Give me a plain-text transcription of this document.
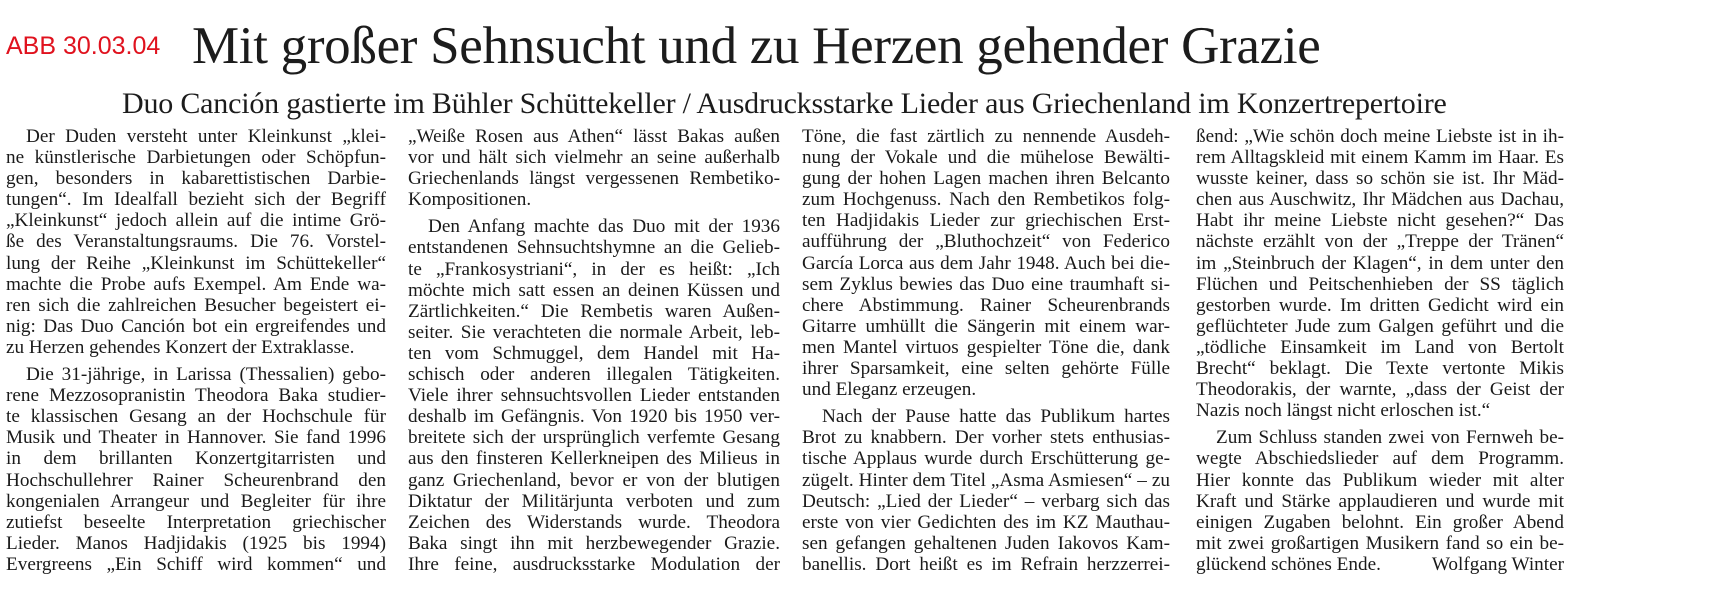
ABB 30.03.04 Mit großer Sehnsucht und zu Herzen gehender Grazie
Duo Canción gastierte im Bühler Schüttekeller / Ausdrucksstarke Lieder aus Griechenland im Konzertrepertoire
Der Duden versteht unter Kleinkunst „klei-
ne künstlerische Darbietungen oder Schöpfun-
gen, besonders in kabarettistischen Darbie-
tungen“. Im Idealfall bezieht sich der Begriff
„Kleinkunst“ jedoch allein auf die intime Grö-
ße des Veranstaltungsraums. Die 76. Vorstel-
lung der Reihe „Kleinkunst im Schüttekeller“
machte die Probe aufs Exempel. Am Ende wa-
ren sich die zahlreichen Besucher begeistert ei-
nig: Das Duo Canción bot ein ergreifendes und
zu Herzen gehendes Konzert der Extraklasse.
Die 31-jährige, in Larissa (Thessalien) gebo-
rene Mezzosopranistin Theodora Baka studier-
te klassischen Gesang an der Hochschule für
Musik und Theater in Hannover. Sie fand 1996
in dem brillanten Konzertgitarristen und
Hochschullehrer Rainer Scheurenbrand den
kongenialen Arrangeur und Begleiter für ihre
zutiefst beseelte Interpretation griechischer
Lieder. Manos Hadjidakis (1925 bis 1994)
Evergreens „Ein Schiff wird kommen“ und
„Weiße Rosen aus Athen“ lässt Bakas außen
vor und hält sich vielmehr an seine außerhalb
Griechenlands längst vergessenen Rembetiko-
Kompositionen.
Den Anfang machte das Duo mit der 1936
entstandenen Sehnsuchtshymne an die Gelieb-
te „Frankosystriani“, in der es heißt: „Ich
möchte mich satt essen an deinen Küssen und
Zärtlichkeiten.“ Die Rembetis waren Außen-
seiter. Sie verachteten die normale Arbeit, leb-
ten vom Schmuggel, dem Handel mit Ha-
schisch oder anderen illegalen Tätigkeiten.
Viele ihrer sehnsuchtsvollen Lieder entstanden
deshalb im Gefängnis. Von 1920 bis 1950 ver-
breitete sich der ursprünglich verfemte Gesang
aus den finsteren Kellerkneipen des Milieus in
ganz Griechenland, bevor er von der blutigen
Diktatur der Militärjunta verboten und zum
Zeichen des Widerstands wurde. Theodora
Baka singt ihn mit herzbewegender Grazie.
Ihre feine, ausdrucksstarke Modulation der
Töne, die fast zärtlich zu nennende Ausdeh-
nung der Vokale und die mühelose Bewälti-
gung der hohen Lagen machen ihren Belcanto
zum Hochgenuss. Nach den Rembetikos folg-
ten Hadjidakis Lieder zur griechischen Erst-
aufführung der „Bluthochzeit“ von Federico
García Lorca aus dem Jahr 1948. Auch bei die-
sem Zyklus bewies das Duo eine traumhaft si-
chere Abstimmung. Rainer Scheurenbrands
Gitarre umhüllt die Sängerin mit einem war-
men Mantel virtuos gespielter Töne die, dank
ihrer Sparsamkeit, eine selten gehörte Fülle
und Eleganz erzeugen.
Nach der Pause hatte das Publikum hartes
Brot zu knabbern. Der vorher stets enthusias-
tische Applaus wurde durch Erschütterung ge-
zügelt. Hinter dem Titel „Asma Asmiesen“ – zu
Deutsch: „Lied der Lieder“ – verbarg sich das
erste von vier Gedichten des im KZ Mauthau-
sen gefangen gehaltenen Juden Iakovos Kam-
banellis. Dort heißt es im Refrain herzzerrei-
ßend: „Wie schön doch meine Liebste ist in ih-
rem Alltagskleid mit einem Kamm im Haar. Es
wusste keiner, dass so schön sie ist. Ihr Mäd-
chen aus Auschwitz, Ihr Mädchen aus Dachau,
Habt ihr meine Liebste nicht gesehen?“ Das
nächste erzählt von der „Treppe der Tränen“
im „Steinbruch der Klagen“, in dem unter den
Flüchen und Peitschenhieben der SS täglich
gestorben wurde. Im dritten Gedicht wird ein
geflüchteter Jude zum Galgen geführt und die
„tödliche Einsamkeit im Land von Bertolt
Brecht“ beklagt. Die Texte vertonte Mikis
Theodorakis, der warnte, „dass der Geist der
Nazis noch längst nicht erloschen ist.“
Zum Schluss standen zwei von Fernweh be-
wegte Abschiedslieder auf dem Programm.
Hier konnte das Publikum wieder mit alter
Kraft und Stärke applaudieren und wurde mit
einigen Zugaben belohnt. Ein großer Abend
mit zwei großartigen Musikern fand so ein be-
glückend schönes Ende.	Wolfgang Winter
